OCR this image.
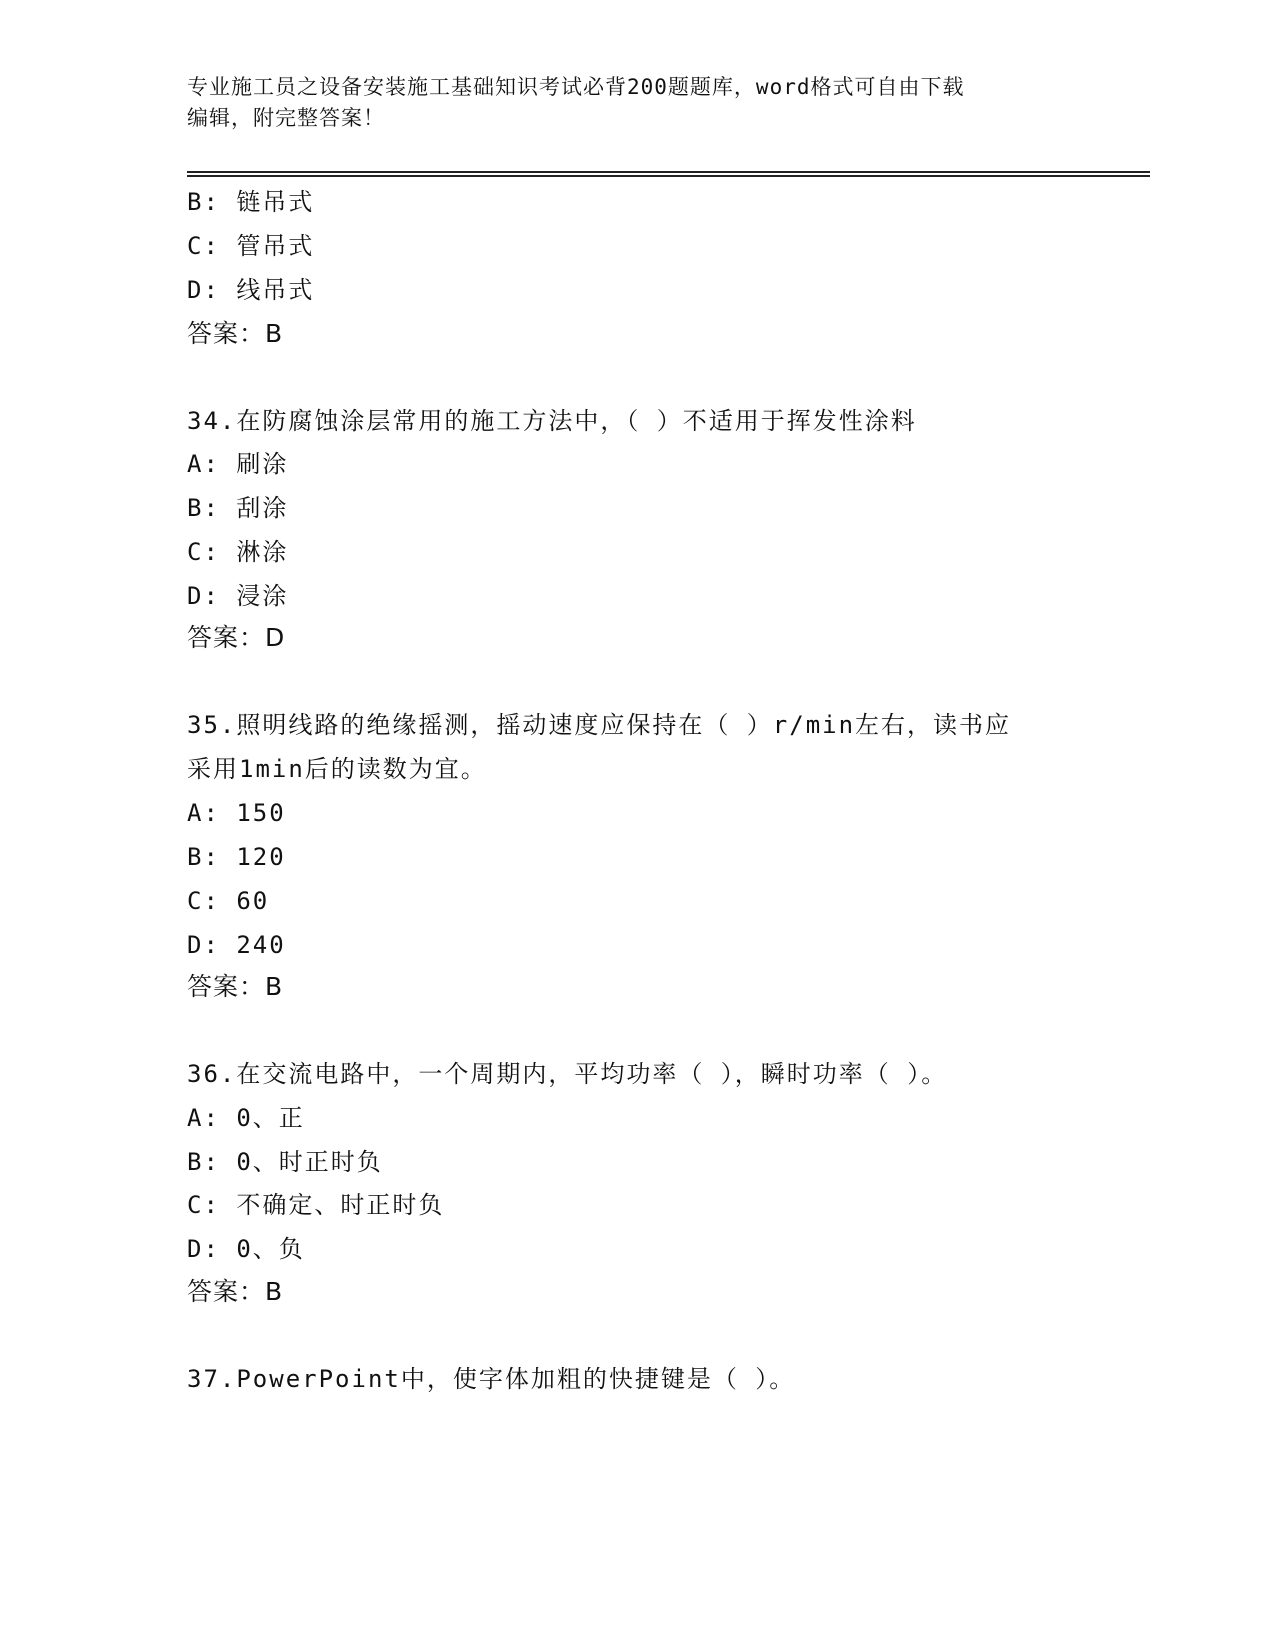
专业施工员之设备安装施工基础知识考试必背200题题库，word格式可自由下载
编辑，附完整答案！
B: 链吊式
C: 管吊式
D: 线吊式
答案：B
34.在防腐蚀涂层常用的施工方法中，（ ）不适用于挥发性涂料
A: 刷涂
B: 刮涂
C: 淋涂
D: 浸涂
答案：D
35.照明线路的绝缘摇测，摇动速度应保持在（ ）r/min左右，读书应
采用1min后的读数为宜。
A: 150
B: 120
C: 60
D: 240
答案：B
36.在交流电路中，一个周期内，平均功率（ ），瞬时功率（ ）。
A: 0、正
B: 0、时正时负
C: 不确定、时正时负
D: 0、负
答案：B
37.PowerPoint中，使字体加粗的快捷键是（ ）。
